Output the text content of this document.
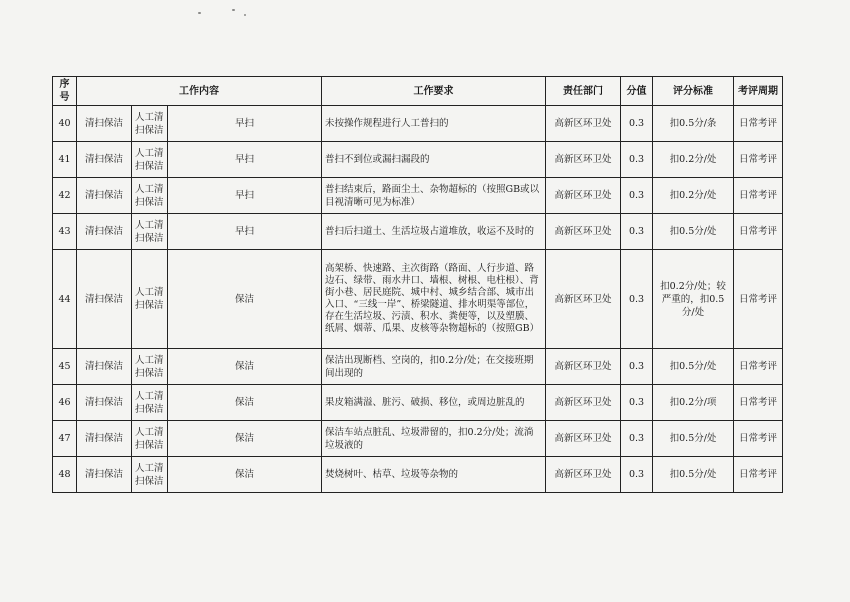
序号	工作内容			工作要求	责任部门	分值	评分标准	考评周期
40	清扫保洁	人工清扫保洁	早扫	未按操作规程进行人工普扫的	高新区环卫处	0.3	扣0.5分/条	日常考评
41	清扫保洁	人工清扫保洁	早扫	普扫不到位或漏扫漏段的	高新区环卫处	0.3	扣0.2分/处	日常考评
42	清扫保洁	人工清扫保洁	早扫	普扫结束后，路面尘土、杂物超标的（按照GB或以　目视清晰可见为标准）	高新区环卫处	0.3	扣0.2分/处	日常考评
43	清扫保洁	人工清扫保洁	早扫	普扫后扫道土、生活垃圾占道堆放，收运不及时的	高新区环卫处	0.3	扣0.5分/处	日常考评
44	清扫保洁	人工清扫保洁	保洁	高架桥、快速路、主次街路（路面、人行步道、路边石、绿带、雨水井口、墙根、树根、电柱根）、背街小巷、居民庭院、城中村、城乡结合部、城市出入口、“三线一岸”、桥梁隧道、排水明渠等部位，存在生活垃圾、污渍、积水、粪便等，以及塑膜、纸屑、烟蒂、瓜果、皮核等杂物超标的（按照GB）	高新区环卫处	0.3	扣0.2分/处；较严重的，扣0.5分/处	日常考评
45	清扫保洁	人工清扫保洁	保洁	保洁出现断档、空岗的，扣0.2分/处；在交接班期间出现的	高新区环卫处	0.3	扣0.5分/处	日常考评
46	清扫保洁	人工清扫保洁	保洁	果皮箱满溢、脏污、破损、移位，或周边脏乱的	高新区环卫处	0.3	扣0.2分/项	日常考评
47	清扫保洁	人工清扫保洁	保洁	保洁车站点脏乱、垃圾滞留的，扣0.2分/处；流淌垃圾液的	高新区环卫处	0.3	扣0.5分/处	日常考评
48	清扫保洁	人工清扫保洁	保洁	焚烧树叶、枯草、垃圾等杂物的	高新区环卫处	0.3	扣0.5分/处	日常考评
